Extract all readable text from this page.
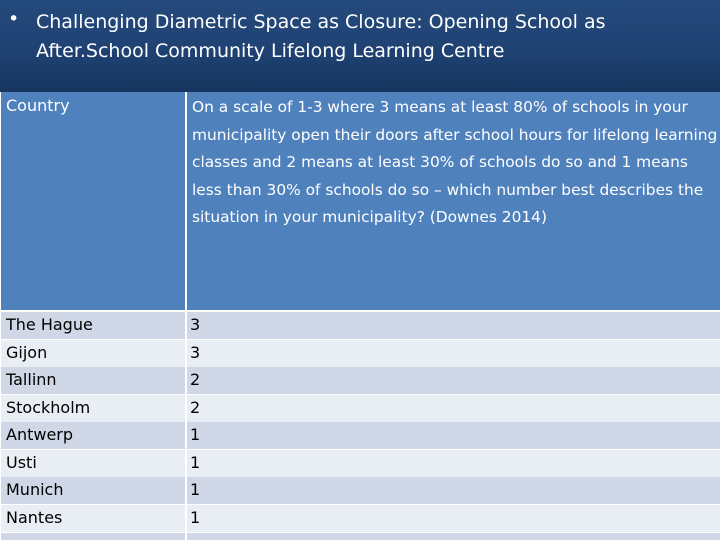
• Challenging Diametric Space as Closure: Opening School as After.School Community Lifelong Learning Centre
Country	On a scale of 1-3 where 3 means at least 80% of schools in your municipality open their doors after school hours for lifelong learning classes and 2 means at least 30% of schools do so and 1 means less than 30% of schools do so – which number best describes the situation in your municipality? (Downes 2014)
The Hague	3
Gijon	3
Tallinn	2
Stockholm	2
Antwerp	1
Usti	1
Munich	1
Nantes	1
